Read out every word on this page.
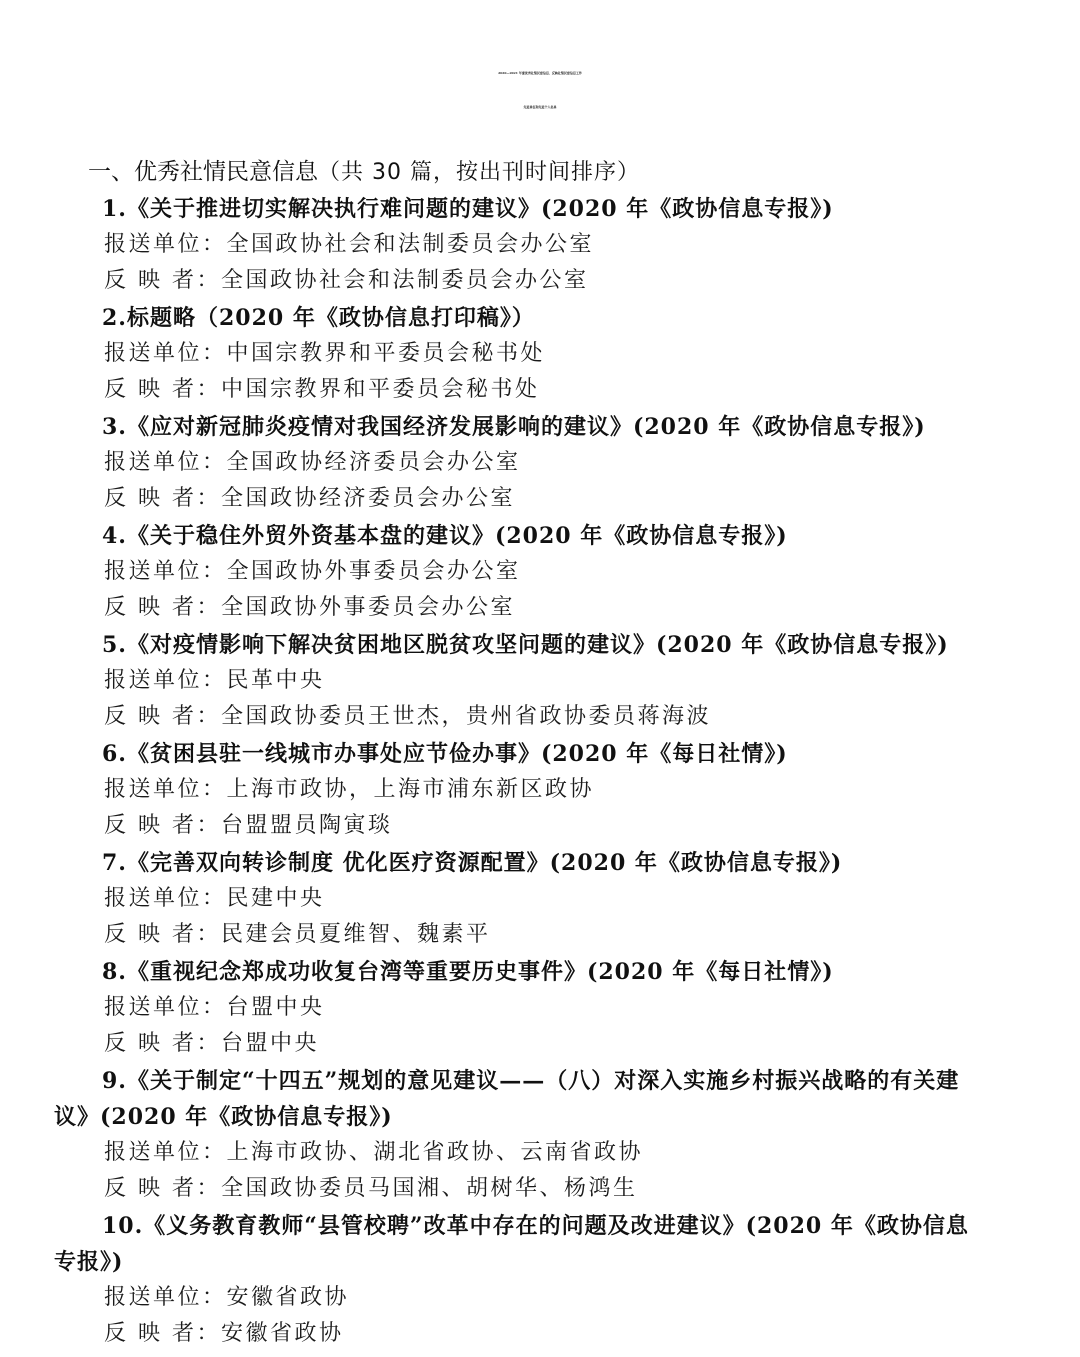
2020—2021 年度优秀社情民意信息、反映社情民意信息工作
先进单位和先进个人名单
一、优秀社情民意信息（共 30 篇，按出刊时间排序）
1.《关于推进切实解决执行难问题的建议》(2020 年《政协信息专报》)
报送单位：全国政协社会和法制委员会办公室
反 映 者：全国政协社会和法制委员会办公室
2.标题略（2020 年《政协信息打印稿》）
报送单位：中国宗教界和平委员会秘书处
反 映 者：中国宗教界和平委员会秘书处
3.《应对新冠肺炎疫情对我国经济发展影响的建议》(2020 年《政协信息专报》)
报送单位：全国政协经济委员会办公室
反 映 者：全国政协经济委员会办公室
4.《关于稳住外贸外资基本盘的建议》(2020 年《政协信息专报》)
报送单位：全国政协外事委员会办公室
反 映 者：全国政协外事委员会办公室
5.《对疫情影响下解决贫困地区脱贫攻坚问题的建议》(2020 年《政协信息专报》)
报送单位：民革中央
反 映 者：全国政协委员王世杰，贵州省政协委员蒋海波
6.《贫困县驻一线城市办事处应节俭办事》(2020 年《每日社情》)
报送单位：上海市政协，上海市浦东新区政协
反 映 者：台盟盟员陶寅琰
7.《完善双向转诊制度 优化医疗资源配置》(2020 年《政协信息专报》)
报送单位：民建中央
反 映 者：民建会员夏维智、魏素平
8.《重视纪念郑成功收复台湾等重要历史事件》(2020 年《每日社情》)
报送单位：台盟中央
反 映 者：台盟中央
9.《关于制定“十四五”规划的意见建议——（八）对深入实施乡村振兴战略的有关建
议》(2020 年《政协信息专报》)
报送单位：上海市政协、湖北省政协、云南省政协
反 映 者：全国政协委员马国湘、胡树华、杨鸿生
10.《义务教育教师“县管校聘”改革中存在的问题及改进建议》(2020 年《政协信息
专报》)
报送单位：安徽省政协
反 映 者：安徽省政协
